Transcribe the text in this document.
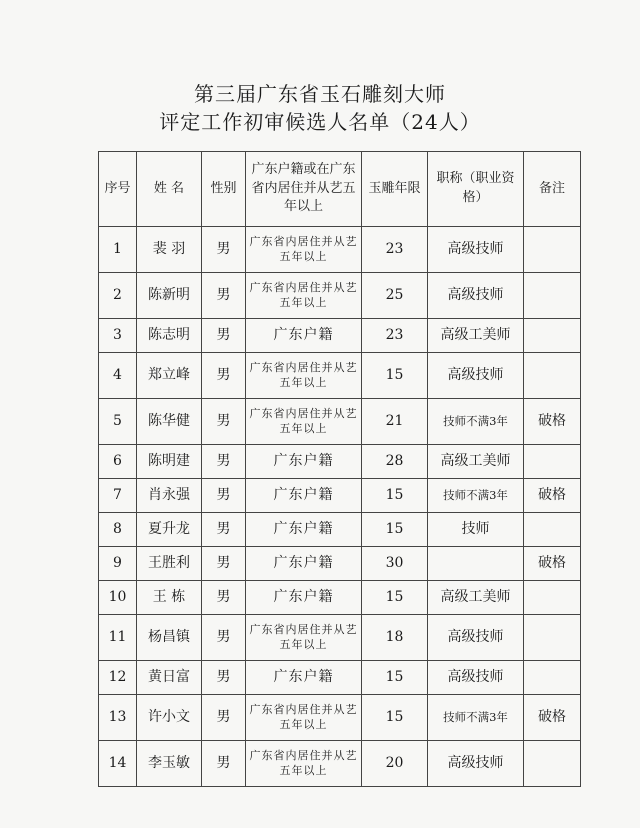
第三届广东省玉石雕刻大师
评定工作初审候选人名单（24人）
序号	姓 名	性别	广东户籍或在广东省内居住并从艺五年以上	玉雕年限	职称（职业资格）	备注
1	裴 羽	男	广东省内居住并从艺五年以上	23	高级技师	
2	陈新明	男	广东省内居住并从艺五年以上	25	高级技师	
3	陈志明	男	广东户籍	23	高级工美师	
4	郑立峰	男	广东省内居住并从艺五年以上	15	高级技师	
5	陈华健	男	广东省内居住并从艺五年以上	21	技师不满3年	破格
6	陈明建	男	广东户籍	28	高级工美师	
7	肖永强	男	广东户籍	15	技师不满3年	破格
8	夏升龙	男	广东户籍	15	技师	
9	王胜利	男	广东户籍	30		破格
10	王 栋	男	广东户籍	15	高级工美师	
11	杨昌镇	男	广东省内居住并从艺五年以上	18	高级技师	
12	黄日富	男	广东户籍	15	高级技师	
13	许小文	男	广东省内居住并从艺五年以上	15	技师不满3年	破格
14	李玉敏	男	广东省内居住并从艺五年以上	20	高级技师	
